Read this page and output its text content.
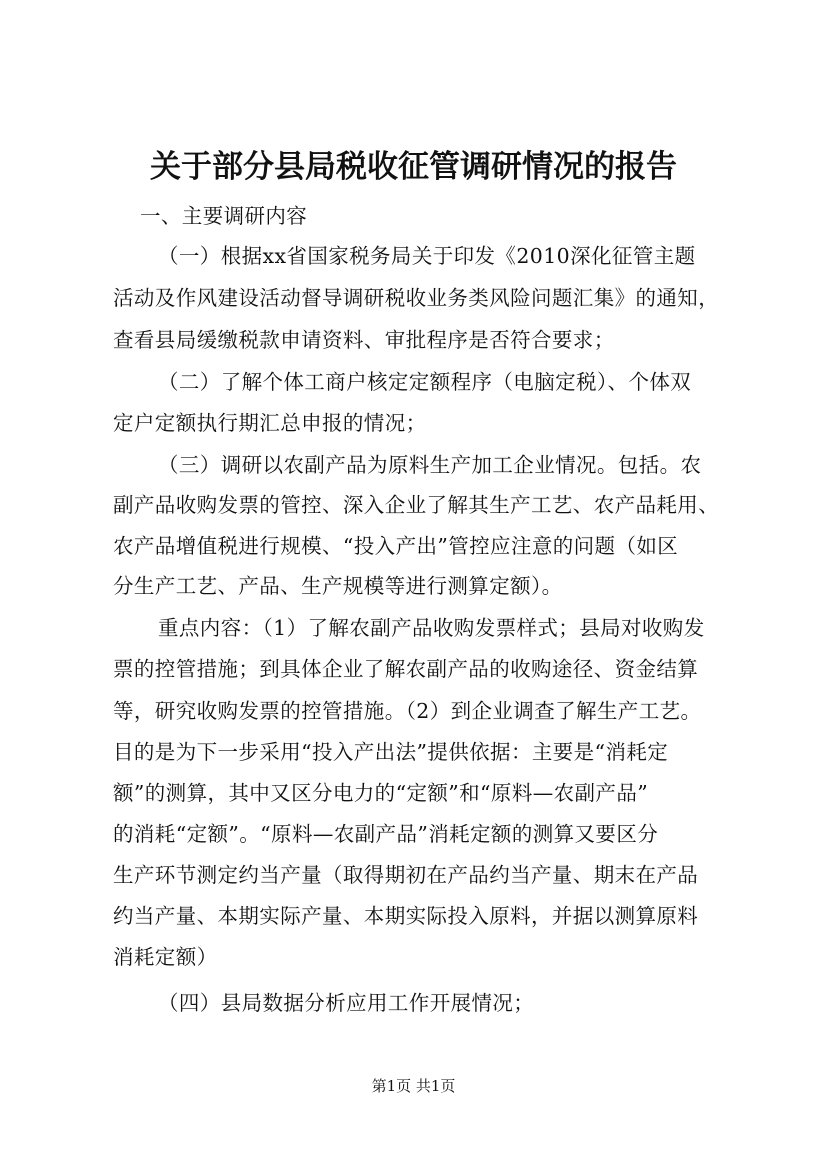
关于部分县局税收征管调研情况的报告
一、主要调研内容
（一）根据xx省国家税务局关于印发《2010深化征管主题
活动及作风建设活动督导调研税收业务类风险问题汇集》的通知，
查看县局缓缴税款申请资料、审批程序是否符合要求；
（二）了解个体工商户核定定额程序（电脑定税）、个体双
定户定额执行期汇总申报的情况；
（三）调研以农副产品为原料生产加工企业情况。包括。农
副产品收购发票的管控、深入企业了解其生产工艺、农产品耗用、
农产品增值税进行规模、“投入产出”管控应注意的问题（如区
分生产工艺、产品、生产规模等进行测算定额）。
重点内容：（1）了解农副产品收购发票样式；县局对收购发
票的控管措施；到具体企业了解农副产品的收购途径、资金结算
等，研究收购发票的控管措施。（2）到企业调查了解生产工艺。
目的是为下一步采用“投入产出法”提供依据：主要是“消耗定
额”的测算，其中又区分电力的“定额”和“原料—农副产品”
的消耗“定额”。“原料—农副产品”消耗定额的测算又要区分
生产环节测定约当产量（取得期初在产品约当产量、期末在产品
约当产量、本期实际产量、本期实际投入原料，并据以测算原料
消耗定额）
（四）县局数据分析应用工作开展情况；
第1页 共1页
